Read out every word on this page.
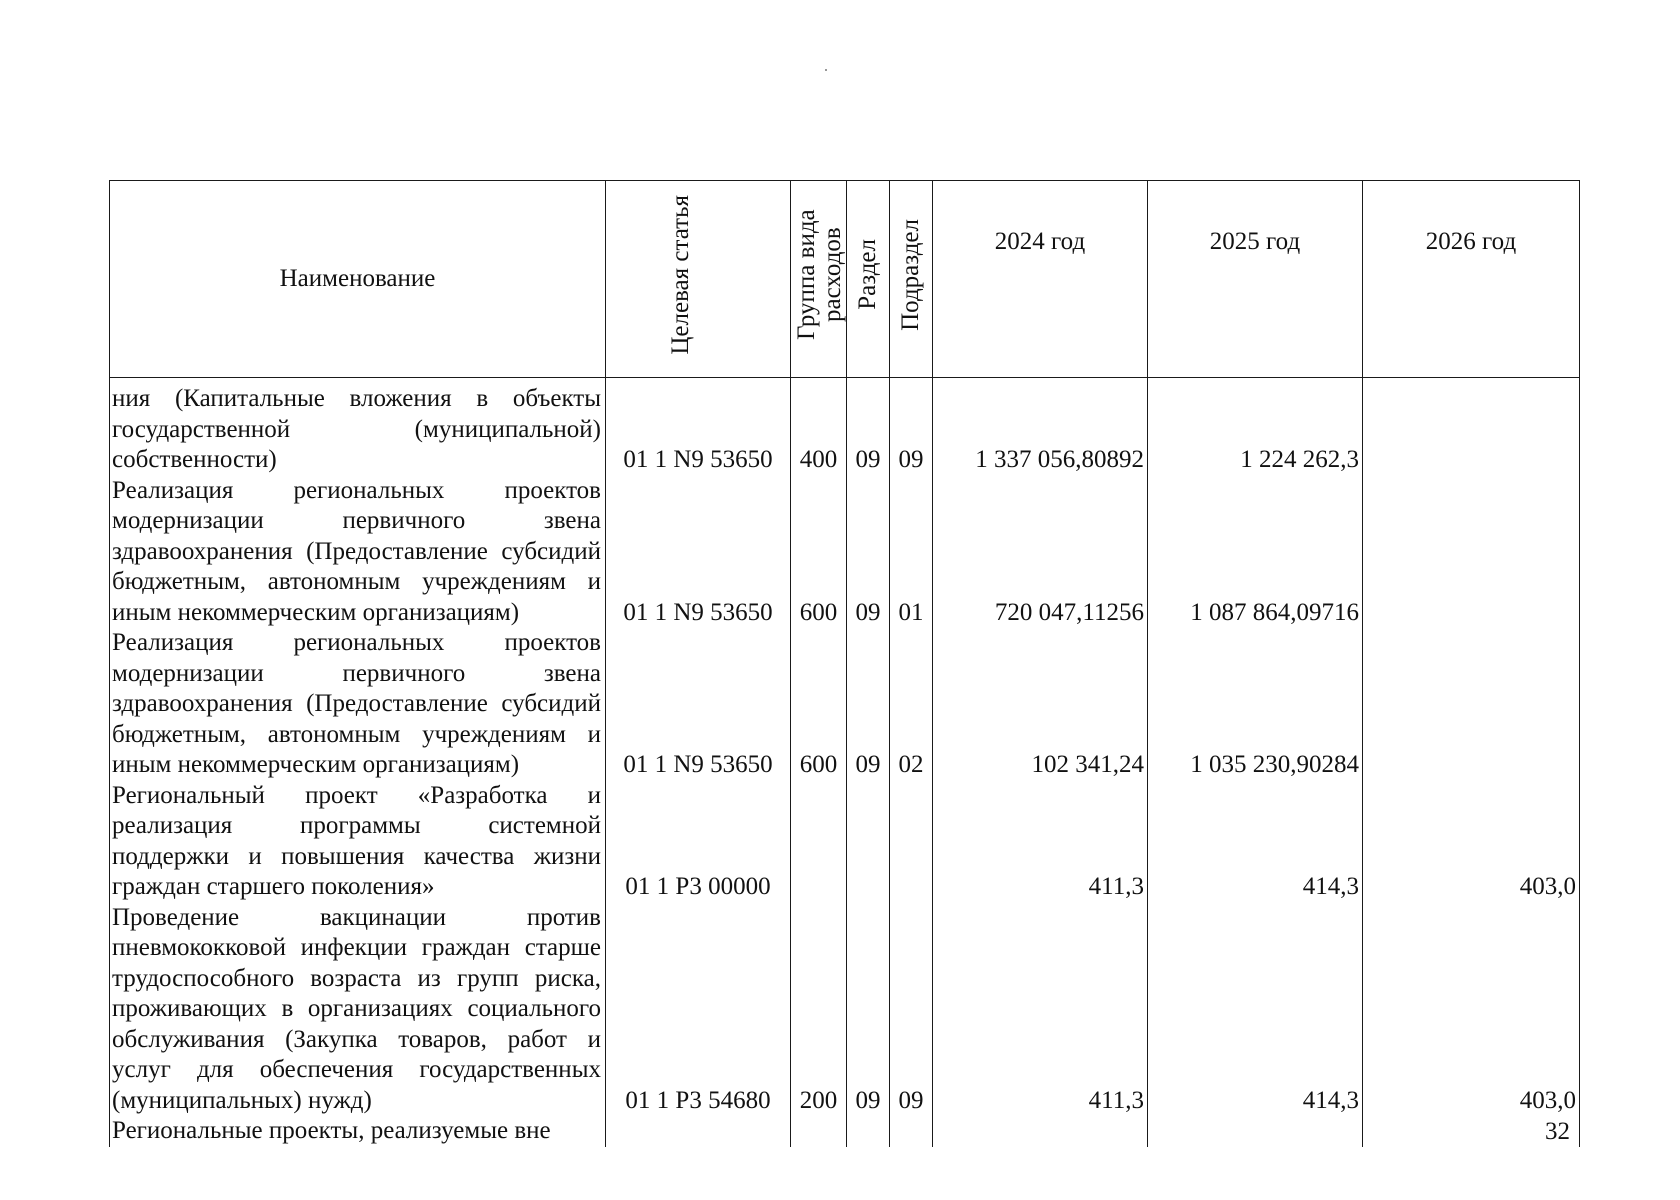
Наименование	Целевая статья	Группа вида расходов	Раздел	Подраздел	2024 год	2025 год	2026 год
ния (Капитальные вложения в объекты государственной (муниципальной) собственности)	01 1 N9 53650	400	09	09	1 337 056,80892	1 224 262,3	
Реализация региональных проектов модернизации первичного звена здравоохранения (Предоставление субсидий бюджетным, автономным учреждениям и иным некоммерческим организациям)	01 1 N9 53650	600	09	01	720 047,11256	1 087 864,09716	
Реализация региональных проектов модернизации первичного звена здравоохранения (Предоставление субсидий бюджетным, автономным учреждениям и иным некоммерческим организациям)	01 1 N9 53650	600	09	02	102 341,24	1 035 230,90284	
Региональный проект «Разработка и реализация программы системной поддержки и повышения качества жизни граждан старшего поколения»	01 1 P3 00000				411,3	414,3	403,0
Проведение вакцинации против пневмококковой инфекции граждан старше трудоспособного возраста из групп риска, проживающих в организациях социального обслуживания (Закупка товаров, работ и услуг для обеспечения государственных (муниципальных) нужд)	01 1 P3 54680	200	09	09	411,3	414,3	403,0
Региональные проекты, реализуемые вне								32
